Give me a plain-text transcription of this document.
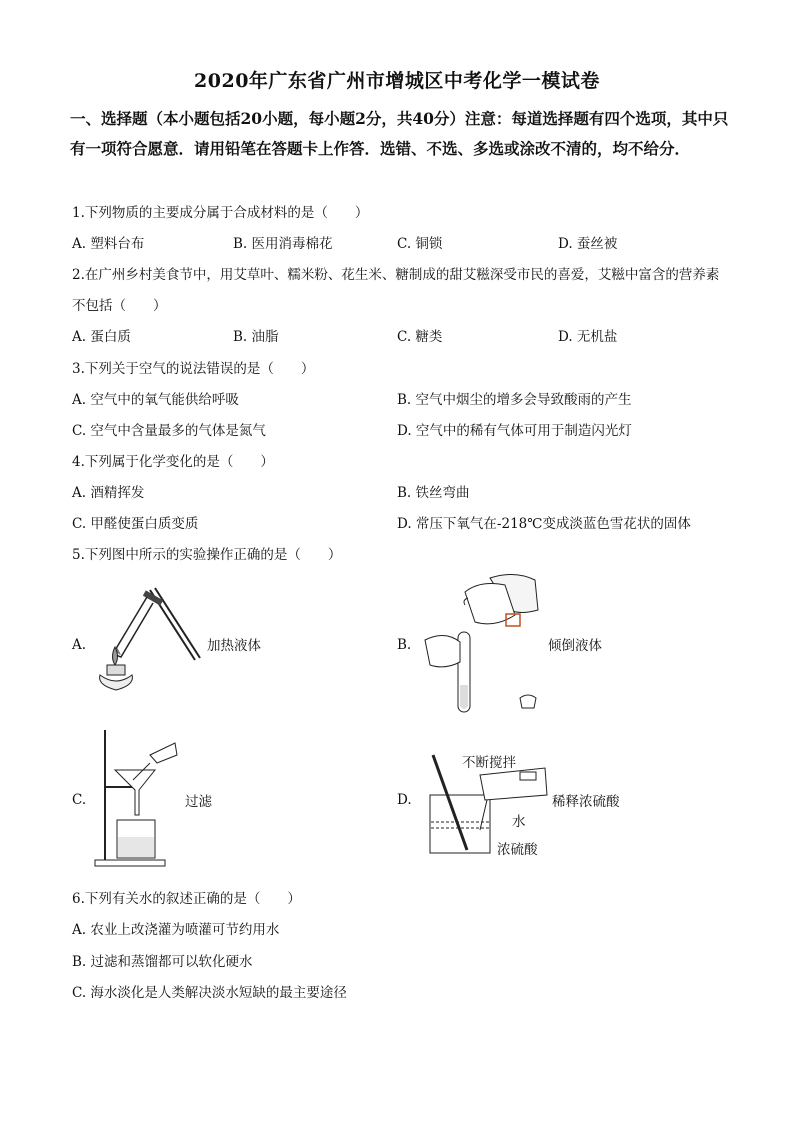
2020年广东省广州市增城区中考化学一模试卷
一、选择题（本小题包括20小题，每小题2分，共40分）注意：每道选择题有四个选项，其中只有一项符合愿意．请用铅笔在答题卡上作答．选错、不选、多选或涂改不清的，均不给分．
1.下列物质的主要成分属于合成材料的是（　　）
A. 塑料台布	B. 医用消毒棉花	C. 铜锁	D. 蚕丝被
2.在广州乡村美食节中，用艾草叶、糯米粉、花生米、糖制成的甜艾糍深受市民的喜爱，艾糍中富含的营养素不包括（　　）
A. 蛋白质	B. 油脂	C. 糖类	D. 无机盐
3.下列关于空气的说法错误的是（　　）
A. 空气中的氧气能供给呼吸	B. 空气中烟尘的增多会导致酸雨的产生
C. 空气中含量最多的气体是氮气	D. 空气中的稀有气体可用于制造闪光灯
4.下列属于化学变化的是（　　）
A. 酒精挥发	B. 铁丝弯曲
C. 甲醛使蛋白质变质	D. 常压下氧气在-218℃变成淡蓝色雪花状的固体
5.下列图中所示的实验操作正确的是（　　）
A.	B.
C.	D.
加热液体	倾倒液体
过滤
不断搅拌
稀释浓硫酸
水
浓硫酸
6.下列有关水的叙述正确的是（　　）
A. 农业上改浇灌为喷灌可节约用水
B. 过滤和蒸馏都可以软化硬水
C. 海水淡化是人类解决淡水短缺的最主要途径
